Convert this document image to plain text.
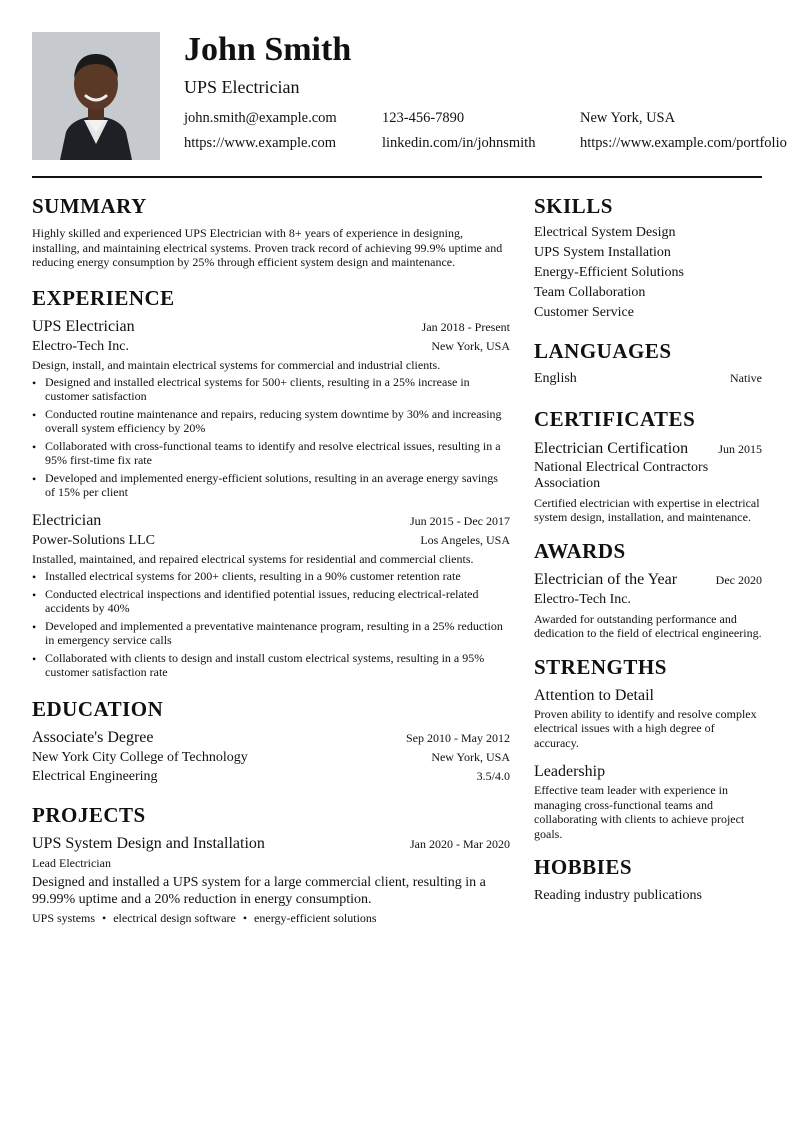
John Smith
UPS Electrician
john.smith@example.com	123-456-7890	New York, USA
https://www.example.com	linkedin.com/in/johnsmith	https://www.example.com/portfolio
SUMMARY
Highly skilled and experienced UPS Electrician with 8+ years of experience in designing, installing, and maintaining electrical systems. Proven track record of achieving 99.9% uptime and reducing energy consumption by 25% through efficient system design and maintenance.
EXPERIENCE
UPS Electrician	Jan 2018 - Present
Electro-Tech Inc.	New York, USA
Design, install, and maintain electrical systems for commercial and industrial clients.
• Designed and installed electrical systems for 500+ clients, resulting in a 25% increase in customer satisfaction
• Conducted routine maintenance and repairs, reducing system downtime by 30% and increasing overall system efficiency by 20%
• Collaborated with cross-functional teams to identify and resolve electrical issues, resulting in a 95% first-time fix rate
• Developed and implemented energy-efficient solutions, resulting in an average energy savings of 15% per client
Electrician	Jun 2015 - Dec 2017
Power-Solutions LLC	Los Angeles, USA
Installed, maintained, and repaired electrical systems for residential and commercial clients.
• Installed electrical systems for 200+ clients, resulting in a 90% customer retention rate
• Conducted electrical inspections and identified potential issues, reducing electrical-related accidents by 40%
• Developed and implemented a preventative maintenance program, resulting in a 25% reduction in emergency service calls
• Collaborated with clients to design and install custom electrical systems, resulting in a 95% customer satisfaction rate
EDUCATION
Associate's Degree	Sep 2010 - May 2012
New York City College of Technology	New York, USA
Electrical Engineering	3.5/4.0
PROJECTS
UPS System Design and Installation	Jan 2020 - Mar 2020
Lead Electrician
Designed and installed a UPS system for a large commercial client, resulting in a 99.99% uptime and a 20% reduction in energy consumption.
UPS systems • electrical design software • energy-efficient solutions
SKILLS
Electrical System Design
UPS System Installation
Energy-Efficient Solutions
Team Collaboration
Customer Service
LANGUAGES
English	Native
CERTIFICATES
Electrician Certification	Jun 2015
National Electrical Contractors Association
Certified electrician with expertise in electrical system design, installation, and maintenance.
AWARDS
Electrician of the Year	Dec 2020
Electro-Tech Inc.
Awarded for outstanding performance and dedication to the field of electrical engineering.
STRENGTHS
Attention to Detail
Proven ability to identify and resolve complex electrical issues with a high degree of accuracy.
Leadership
Effective team leader with experience in managing cross-functional teams and collaborating with clients to achieve project goals.
HOBBIES
Reading industry publications
